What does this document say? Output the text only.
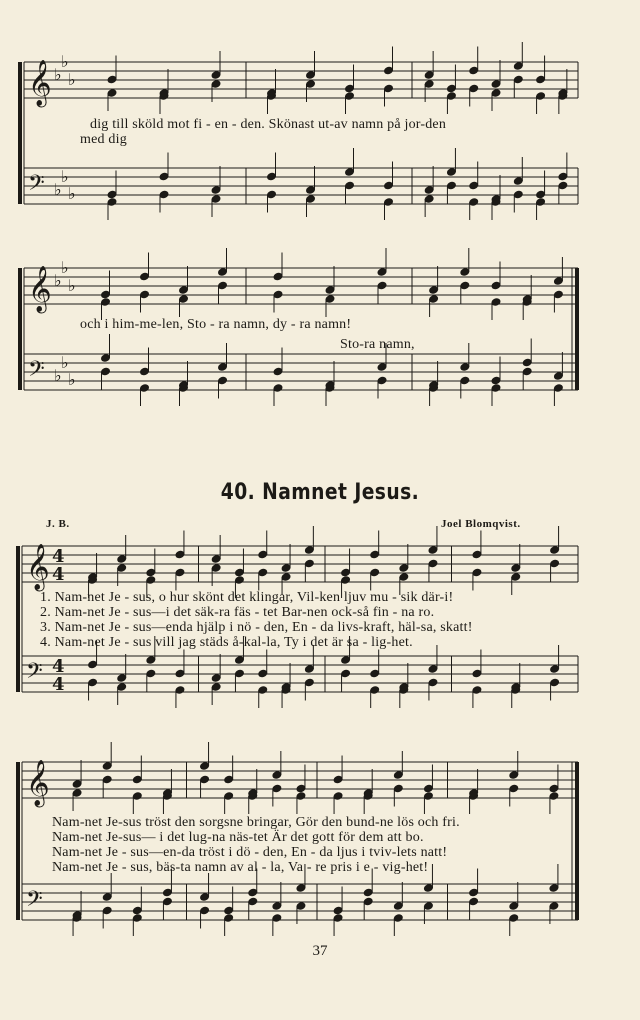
𝄞
𝄢
♭
♭
♭
♭
♭
♭
𝄞
𝄢
♭
♭
♭
♭
♭
♭
𝄞
𝄢
4
4
4
4
𝄞
𝄢
dig till sköld mot fi - en - den. Skönast ut-av namn på jor-den
med dig
och i him-me-len, Sto - ra namn, dy - ra namn!
Sto-ra namn,
40. Namnet Jesus.
J. B.	Joel Blomqvist.
1. Nam-net Je - sus, o hur skönt det klingar, Vil-ken ljuv mu - sik där-i!
2. Nam-net Je - sus—i det säk-ra fäs - tet Bar-nen ock-så fin - na ro.
3. Nam-net Je - sus—enda hjälp i nö - den, En - da livs-kraft, häl-sa, skatt!
4. Nam-net Je - sus vill jag städs å-kal-la, Ty i det är sa - lig-het.
Nam-net Je-sus tröst den sorgsne bringar, Gör den bund-ne lös och fri.
Nam-net Je-sus— i det lug-na näs-tet Är det gott för dem att bo.
Nam-net Je - sus—en-da tröst i dö - den, En - da ljus i tviv-lets natt!
Nam-net Je - sus, bäs-ta namn av al - la, Va - re pris i e - vig-het!
37
